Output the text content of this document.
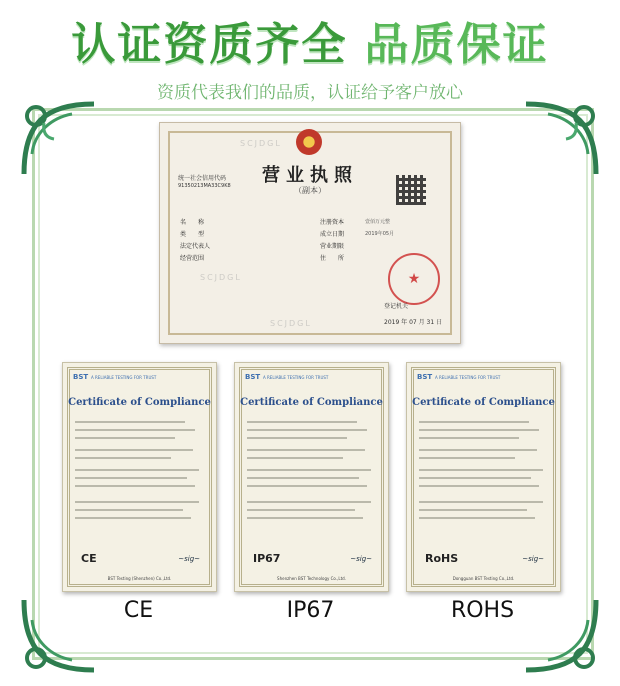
认证资质齐全 品质保证
资质代表我们的品质，认证给予客户放心
统一社会信用代码
91350213MA33C9K8	营业执照
（副本）
名　　称
类　　型
法定代表人
经营范围
注册资本	壹佰万元整
成立日期	2019年05月
营业期限
住　　所
★
登记机关
2019 年 07 月 31 日
SCJDGL
SCJDGL
SCJDGL
BST A RELIABLE TESTING FOR TRUST
Certificate of Compliance
CE	~sig~
BST Testing (Shenzhen) Co.,Ltd.
BST A RELIABLE TESTING FOR TRUST
Certificate of Compliance
IP67	~sig~
Shenzhen BST Technology Co.,Ltd.
BST A RELIABLE TESTING FOR TRUST
Certificate of Compliance
RoHS	~sig~
Dongguan BST Testing Co.,Ltd.
CE	IP67	ROHS
